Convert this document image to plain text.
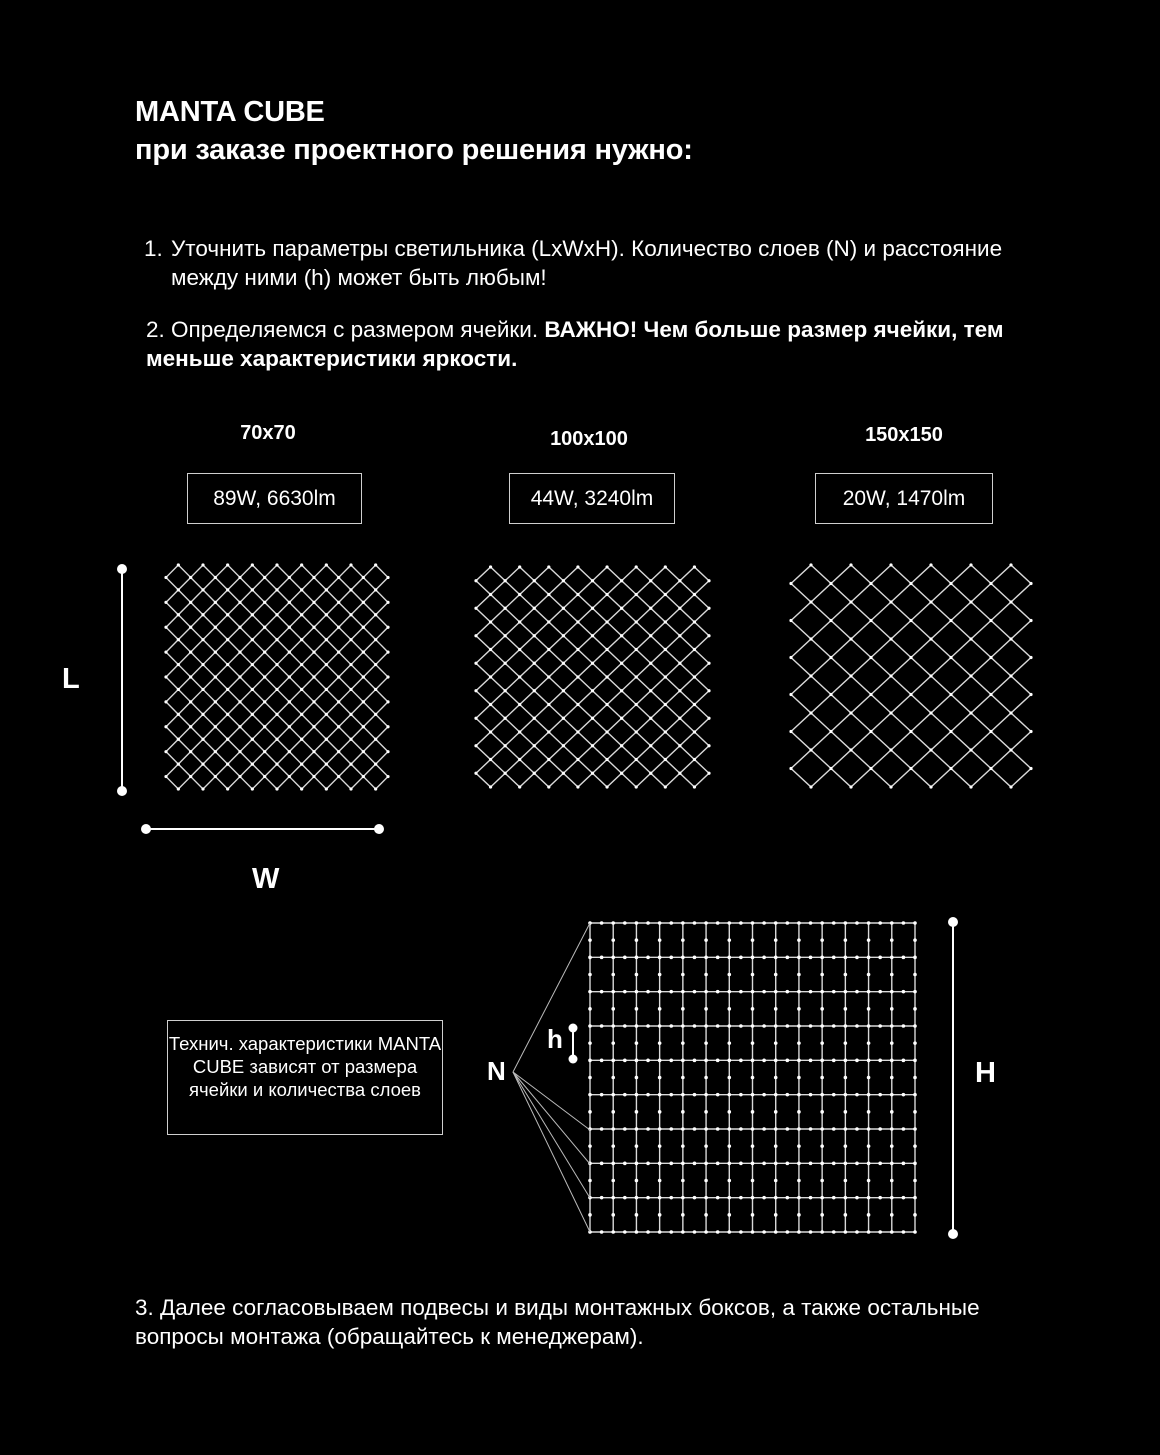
MANTA CUBE
при заказе проектного решения нужно:
1. Уточнить параметры светильника (LxWxH). Количество слоев (N) и расстояние между ними (h) может быть любым!
2. Определяемся с размером ячейки. ВАЖНО! Чем больше размер ячейки, тем меньше характеристики яркости.
70x70	100x100	150x150
89W, 6630lm	44W, 3240lm	20W, 1470lm
L
W
N
h
H
Технич. характеристики MANTA CUBE зависят от размера ячейки и количества слоев
3. Далее согласовываем подвесы и виды монтажных боксов, а также остальные вопросы монтажа (обращайтесь к менеджерам).
